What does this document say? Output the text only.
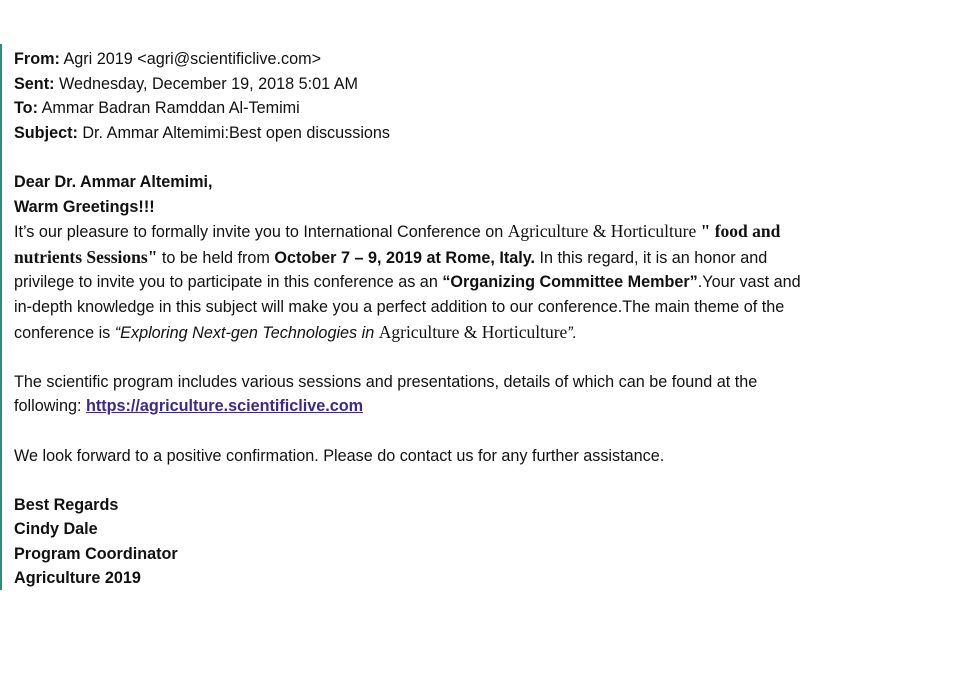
From: Agri 2019 <agri@scientificlive.com>
Sent: Wednesday, December 19, 2018 5:01 AM
To: Ammar Badran Ramddan Al-Temimi
Subject: Dr. Ammar Altemimi:Best open discussions
Dear Dr. Ammar Altemimi,
Warm Greetings!!!
It’s our pleasure to formally invite you to International Conference on Agriculture & Horticulture " food and
nutrients Sessions" to be held from October 7 – 9, 2019 at Rome, Italy. In this regard, it is an honor and
privilege to invite you to participate in this conference as an “Organizing Committee Member”.Your vast and
in-depth knowledge in this subject will make you a perfect addition to our conference.The main theme of the
conference is “Exploring Next-gen Technologies in Agriculture & Horticulture”.
The scientific program includes various sessions and presentations, details of which can be found at the
following: https://agriculture.scientificlive.com
We look forward to a positive confirmation. Please do contact us for any further assistance.
Best Regards
Cindy Dale
Program Coordinator
Agriculture 2019
